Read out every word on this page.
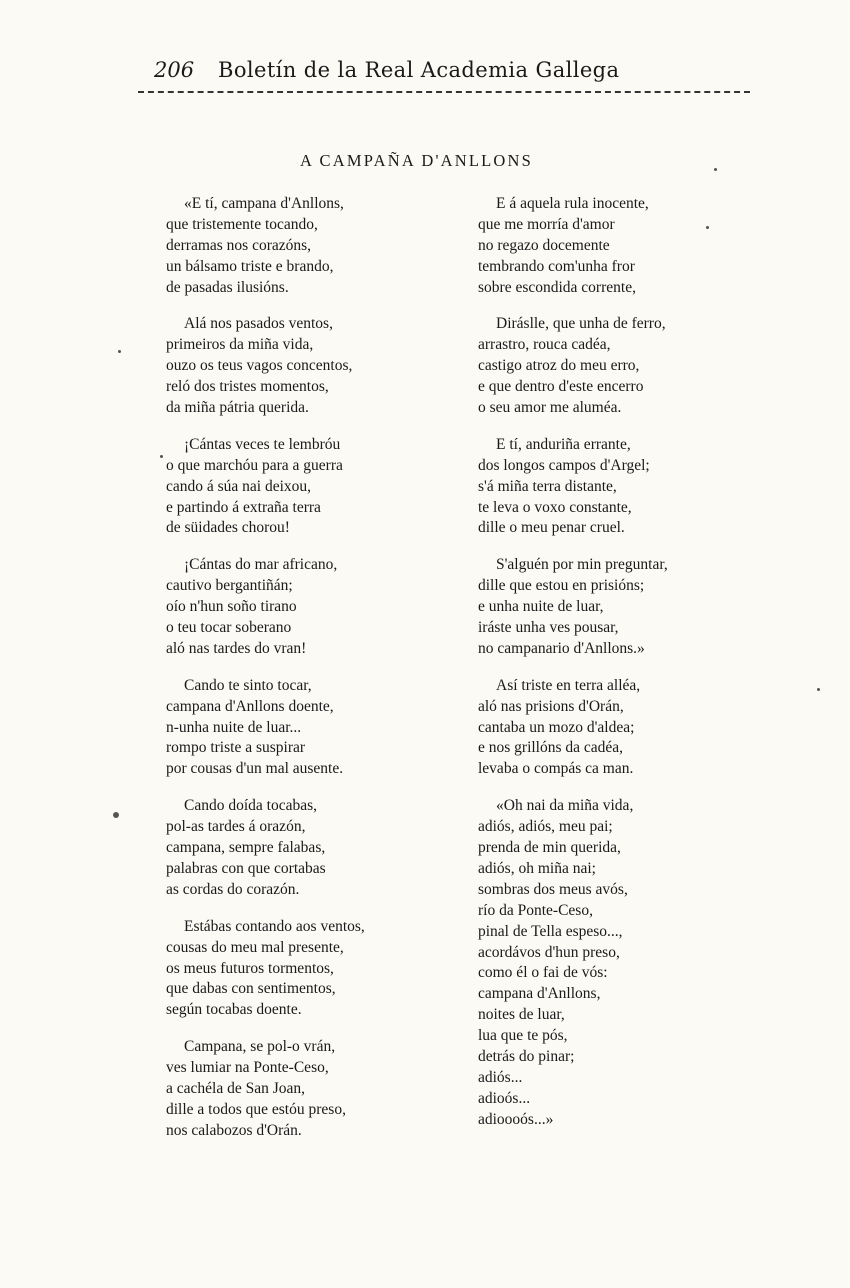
206	Boletín de la Real Academia Gallega
A CAMPAÑA D'ANLLONS
«E tí, campana d'Anllons,
que tristemente tocando,
derramas nos corazóns,
un bálsamo triste e brando,
de pasadas ilusións.
Alá nos pasados ventos,
primeiros da miña vida,
ouzo os teus vagos concentos,
reló dos tristes momentos,
da miña pátria querida.
¡Cántas veces te lembróu
o que marchóu para a guerra
cando á súa nai deixou,
e partindo á extraña terra
de süidades chorou!
¡Cántas do mar africano,
cautivo bergantiñán;
oío n'hun soño tirano
o teu tocar soberano
aló nas tardes do vran!
Cando te sinto tocar,
campana d'Anllons doente,
n-unha nuite de luar...
rompo triste a suspirar
por cousas d'un mal ausente.
Cando doída tocabas,
pol-as tardes á orazón,
campana, sempre falabas,
palabras con que cortabas
as cordas do corazón.
Estábas contando aos ventos,
cousas do meu mal presente,
os meus futuros tormentos,
que dabas con sentimentos,
según tocabas doente.
Campana, se pol-o vrán,
ves lumiar na Ponte-Ceso,
a cachéla de San Joan,
dille a todos que estóu preso,
nos calabozos d'Orán.
E á aquela rula inocente,
que me morría d'amor
no regazo docemente
tembrando com'unha fror
sobre escondida corrente,
Diráslle, que unha de ferro,
arrastro, rouca cadéa,
castigo atroz do meu erro,
e que dentro d'este encerro
o seu amor me aluméa.
E tí, anduriña errante,
dos longos campos d'Argel;
s'á miña terra distante,
te leva o voxo constante,
dille o meu penar cruel.
S'alguén por min preguntar,
dille que estou en prisións;
e unha nuite de luar,
iráste unha ves pousar,
no campanario d'Anllons.»
Así triste en terra alléa,
aló nas prisions d'Orán,
cantaba un mozo d'aldea;
e nos grillóns da cadéa,
levaba o compás ca man.
«Oh nai da miña vida,
adiós, adiós, meu pai;
prenda de min querida,
adiós, oh miña nai;
sombras dos meus avós,
río da Ponte-Ceso,
pinal de Tella espeso...,
acordávos d'hun preso,
como él o fai de vós:
campana d'Anllons,
noites de luar,
lua que te pós,
detrás do pinar;
adiós...
adioós...
adioooós...»
